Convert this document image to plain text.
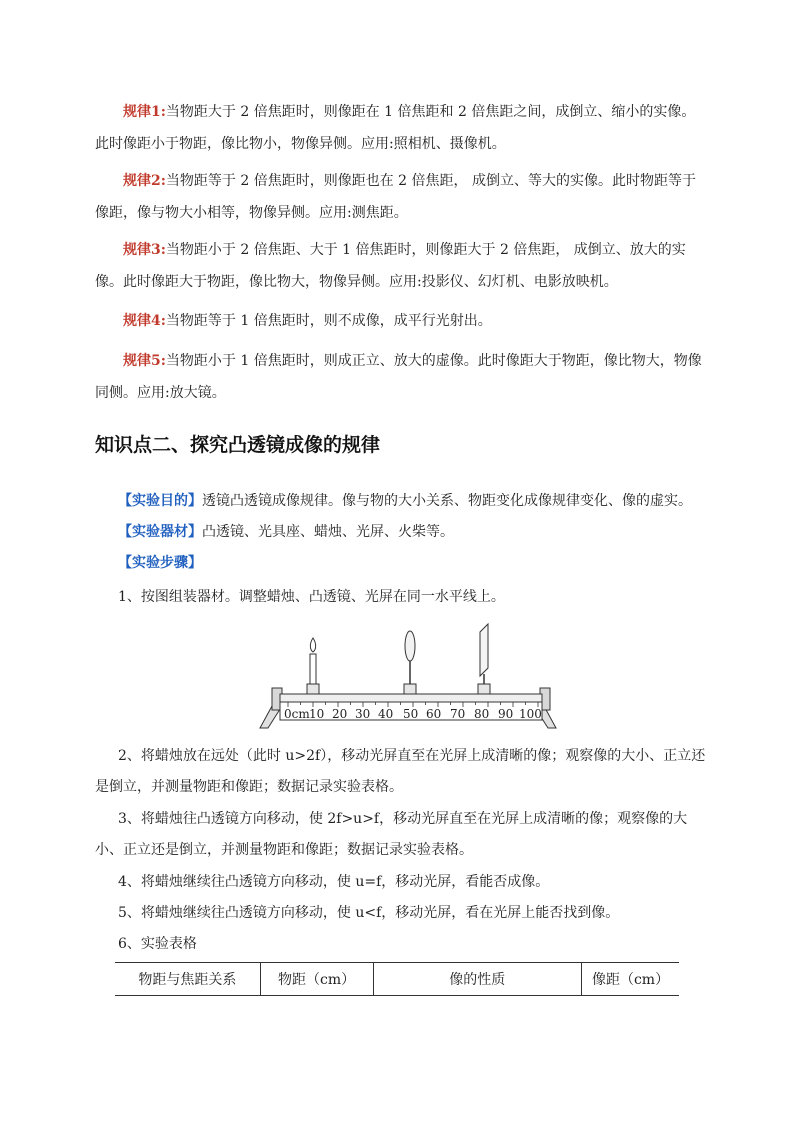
规律1:当物距大于 2 倍焦距时，则像距在 1 倍焦距和 2 倍焦距之间，成倒立、缩小的实像。此时像距小于物距，像比物小，物像异侧。应用:照相机、摄像机。

规律2:当物距等于 2 倍焦距时，则像距也在 2 倍焦距， 成倒立、等大的实像。此时物距等于像距，像与物大小相等，物像异侧。应用:测焦距。

规律3:当物距小于 2 倍焦距、大于 1 倍焦距时，则像距大于 2 倍焦距， 成倒立、放大的实像。此时像距大于物距，像比物大，物像异侧。应用:投影仪、幻灯机、电影放映机。

规律4:当物距等于 1 倍焦距时，则不成像，成平行光射出。

规律5:当物距小于 1 倍焦距时，则成正立、放大的虚像。此时像距大于物距，像比物大，物像同侧。应用:放大镜。

知识点二、探究凸透镜成像的规律

【实验目的】透镜凸透镜成像规律。像与物的大小关系、物距变化成像规律变化、像的虚实。

【实验器材】凸透镜、光具座、蜡烛、光屏、火柴等。

【实验步骤】

1、按图组装器材。调整蜡烛、凸透镜、光屏在同一水平线上。

0cm 10 20 30 40 50 60 70 80 90 100

2、将蜡烛放在远处（此时 u>2f），移动光屏直至在光屏上成清晰的像；观察像的大小、正立还是倒立，并测量物距和像距；数据记录实验表格。

3、将蜡烛往凸透镜方向移动，使 2f>u>f，移动光屏直至在光屏上成清晰的像；观察像的大小、正立还是倒立，并测量物距和像距；数据记录实验表格。

4、将蜡烛继续往凸透镜方向移动，使 u=f，移动光屏，看能否成像。

5、将蜡烛继续往凸透镜方向移动，使 u<f，移动光屏，看在光屏上能否找到像。

6、实验表格

物距与焦距关系	物距（cm）	像的性质	像距（cm）
